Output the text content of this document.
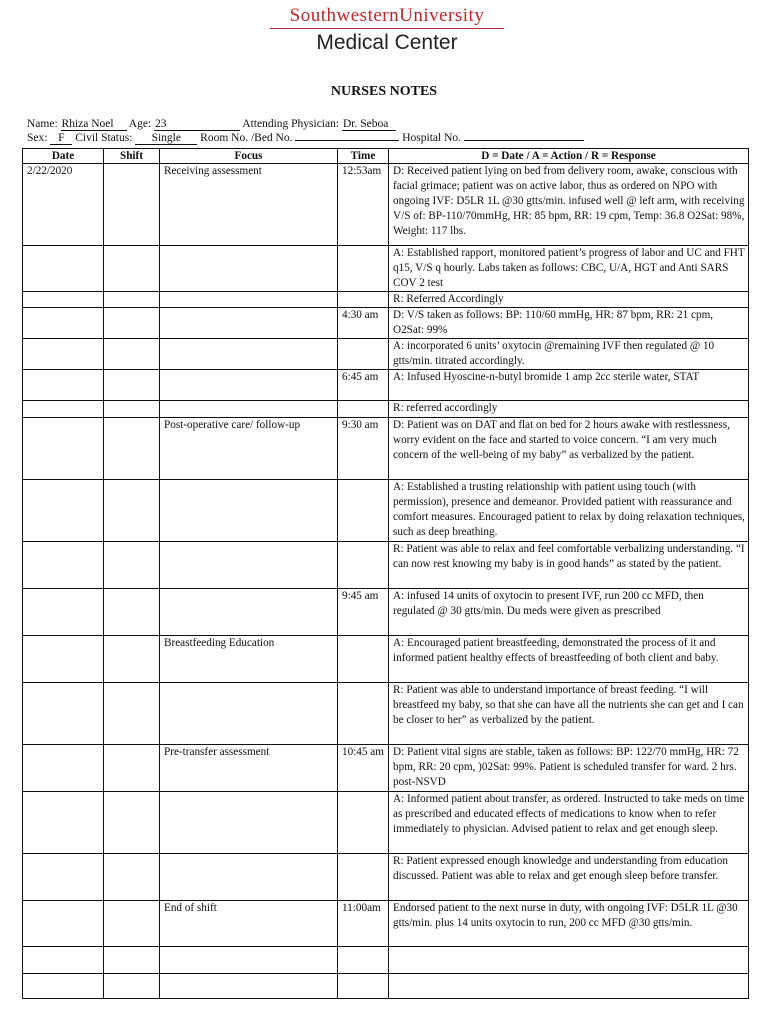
SouthwesternUniversity
Medical Center
NURSES NOTES
Name: Rhiza Noel Age: 23	Attending Physician: Dr. Seboa
Sex: F Civil Status: Single Room No. /Bed No.	Hospital No.
Date	Shift	Focus	Time	D = Date / A = Action / R = Response
2/22/2020		Receiving assessment	12:53am	D: Received patient lying on bed from delivery room, awake, conscious with facial grimace; patient was on active labor, thus as ordered on NPO with ongoing IVF: D5LR 1L @30 gtts/min. infused well @ left arm, with receiving V/S of: BP-110/70mmHg, HR: 85 bpm, RR: 19 cpm, Temp: 36.8 O2Sat: 98%, Weight: 117 lbs.
				A: Established rapport, monitored patient’s progress of labor and UC and FHT q15, V/S q hourly. Labs taken as follows: CBC, U/A, HGT and Anti SARS COV 2 test
				R: Referred Accordingly
			4:30 am	D: V/S taken as follows: BP: 110/60 mmHg, HR: 87 bpm, RR: 21 cpm, O2Sat: 99%
				A: incorporated 6 units’ oxytocin @remaining IVF then regulated @ 10 gtts/min. titrated accordingly.
			6:45 am	A: Infused Hyoscine-n-butyl bromide 1 amp 2cc sterile water, STAT
				R: referred accordingly
		Post-operative care/ follow-up	9:30 am	D: Patient was on DAT and flat on bed for 2 hours awake with restlessness, worry evident on the face and started to voice concern. “I am very much concern of the well-being of my baby” as verbalized by the patient.
				A: Established a trusting relationship with patient using touch (with permission), presence and demeanor. Provided patient with reassurance and comfort measures. Encouraged patient to relax by doing relaxation techniques, such as deep breathing.
				R: Patient was able to relax and feel comfortable verbalizing understanding. “I can now rest knowing my baby is in good hands” as stated by the patient.
			9:45 am	A: infused 14 units of oxytocin to present IVF, run 200 cc MFD, then regulated @ 30 gtts/min. Du meds were given as prescribed
		Breastfeeding Education		A: Encouraged patient breastfeeding, demonstrated the process of it and informed patient healthy effects of breastfeeding of both client and baby.
				R: Patient was able to understand importance of breast feeding. “I will breastfeed my baby, so that she can have all the nutrients she can get and I can be closer to her” as verbalized by the patient.
		Pre-transfer assessment	10:45 am	D: Patient vital signs are stable, taken as follows: BP: 122/70 mmHg, HR: 72 bpm, RR: 20 cpm, )02Sat: 99%. Patient is scheduled transfer for ward. 2 hrs. post-NSVD
				A: Informed patient about transfer, as ordered. Instructed to take meds on time as prescribed and educated effects of medications to know when to refer immediately to physician. Advised patient to relax and get enough sleep.
				R: Patient expressed enough knowledge and understanding from education discussed. Patient was able to relax and get enough sleep before transfer.
		End of shift	11:00am	Endorsed patient to the next nurse in duty, with ongoing IVF: D5LR 1L @30 gtts/min. plus 14 units oxytocin to run, 200 cc MFD @30 gtts/min.
